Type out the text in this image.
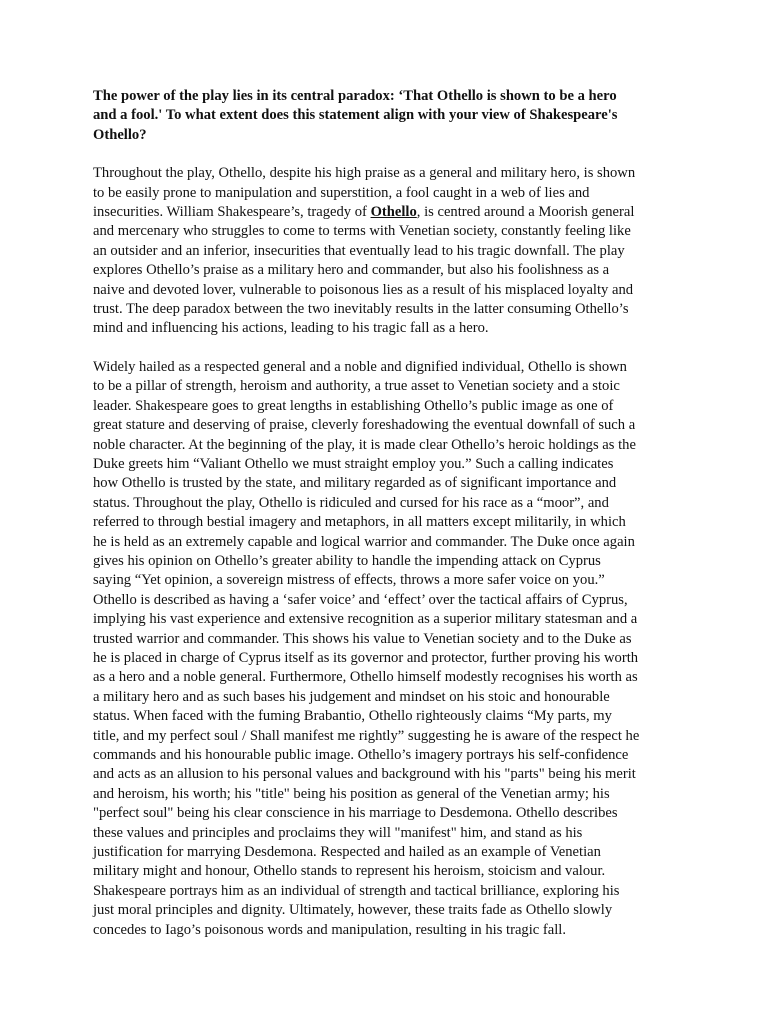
The power of the play lies in its central paradox: ‘That Othello is shown to be a hero
and a fool.' To what extent does this statement align with your view of Shakespeare's
Othello?
Throughout the play, Othello, despite his high praise as a general and military hero, is shown
to be easily prone to manipulation and superstition, a fool caught in a web of lies and
insecurities. William Shakespeare’s, tragedy of Othello, is centred around a Moorish general
and mercenary who struggles to come to terms with Venetian society, constantly feeling like
an outsider and an inferior, insecurities that eventually lead to his tragic downfall. The play
explores Othello’s praise as a military hero and commander, but also his foolishness as a
naive and devoted lover, vulnerable to poisonous lies as a result of his misplaced loyalty and
trust. The deep paradox between the two inevitably results in the latter consuming Othello’s
mind and influencing his actions, leading to his tragic fall as a hero.
Widely hailed as a respected general and a noble and dignified individual, Othello is shown
to be a pillar of strength, heroism and authority, a true asset to Venetian society and a stoic
leader. Shakespeare goes to great lengths in establishing Othello’s public image as one of
great stature and deserving of praise, cleverly foreshadowing the eventual downfall of such a
noble character. At the beginning of the play, it is made clear Othello’s heroic holdings as the
Duke greets him “Valiant Othello we must straight employ you.” Such a calling indicates
how Othello is trusted by the state, and military regarded as of significant importance and
status. Throughout the play, Othello is ridiculed and cursed for his race as a “moor”, and
referred to through bestial imagery and metaphors, in all matters except militarily, in which
he is held as an extremely capable and logical warrior and commander. The Duke once again
gives his opinion on Othello’s greater ability to handle the impending attack on Cyprus
saying “Yet opinion, a sovereign mistress of effects, throws a more safer voice on you.”
Othello is described as having a ‘safer voice’ and ‘effect’ over the tactical affairs of Cyprus,
implying his vast experience and extensive recognition as a superior military statesman and a
trusted warrior and commander. This shows his value to Venetian society and to the Duke as
he is placed in charge of Cyprus itself as its governor and protector, further proving his worth
as a hero and a noble general. Furthermore, Othello himself modestly recognises his worth as
a military hero and as such bases his judgement and mindset on his stoic and honourable
status. When faced with the fuming Brabantio, Othello righteously claims “My parts, my
title, and my perfect soul / Shall manifest me rightly” suggesting he is aware of the respect he
commands and his honourable public image. Othello’s imagery portrays his self-confidence
and acts as an allusion to his personal values and background with his "parts" being his merit
and heroism, his worth; his "title" being his position as general of the Venetian army; his
"perfect soul" being his clear conscience in his marriage to Desdemona. Othello describes
these values and principles and proclaims they will "manifest" him, and stand as his
justification for marrying Desdemona. Respected and hailed as an example of Venetian
military might and honour, Othello stands to represent his heroism, stoicism and valour.
Shakespeare portrays him as an individual of strength and tactical brilliance, exploring his
just moral principles and dignity. Ultimately, however, these traits fade as Othello slowly
concedes to Iago’s poisonous words and manipulation, resulting in his tragic fall.
